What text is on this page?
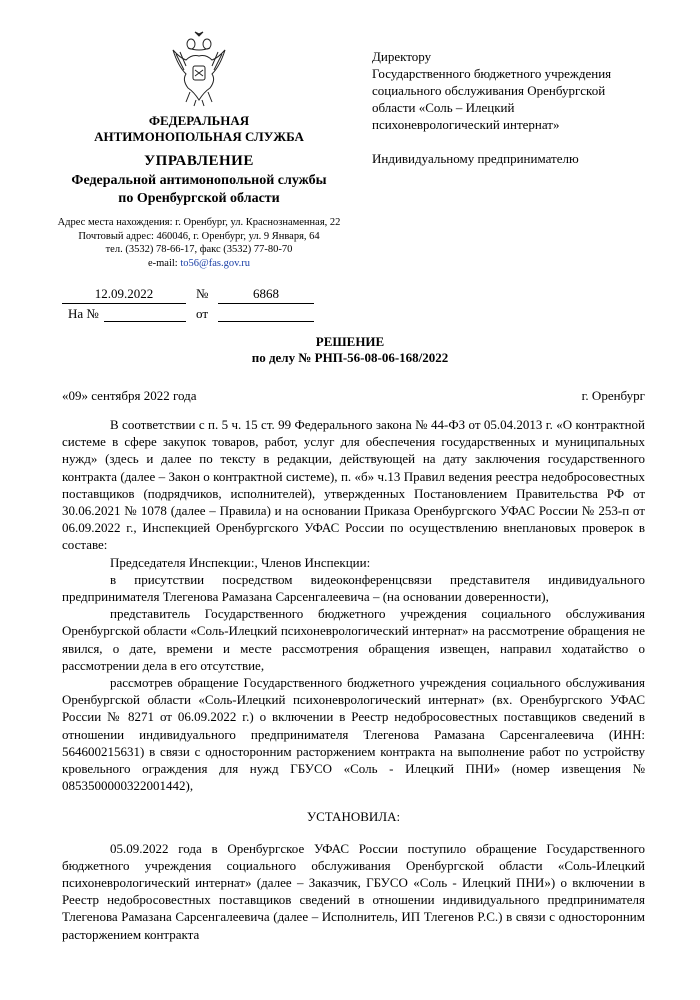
ФЕДЕРАЛЬНАЯ
АНТИМОНОПОЛЬНАЯ СЛУЖБА
УПРАВЛЕНИЕ
Федеральной антимонопольной службы
по Оренбургской области
Адрес места нахождения: г. Оренбург, ул. Краснознаменная, 22
Почтовый адрес: 460046, г. Оренбург, ул. 9 Января, 64
тел. (3532) 78-66-17, факс (3532) 77-80-70
e-mail: to56@fas.gov.ru
12.09.2022	№	6868
На №	от
Директору
Государственного бюджетного учреждения
социального обслуживания Оренбургской
области «Соль – Илецкий
психоневрологический интернат»
Индивидуальному предпринимателю
РЕШЕНИЕ
по делу № РНП-56-08-06-168/2022
«09» сентября 2022 года	г. Оренбург

В соответствии с п. 5 ч. 15 ст. 99 Федерального закона № 44-ФЗ от 05.04.2013 г. «О контрактной системе в сфере закупок товаров, работ, услуг для обеспечения государственных и муниципальных нужд» (здесь и далее по тексту в редакции, действующей на дату заключения государственного контракта (далее – Закон о контрактной системе), п. «б» ч.13 Правил ведения реестра недобросовестных поставщиков (подрядчиков, исполнителей), утвержденных Постановлением Правительства РФ от 30.06.2021 № 1078 (далее – Правила) и на основании Приказа Оренбургского УФАС России № 253-п от 06.09.2022 г., Инспекцией Оренбургского УФАС России по осуществлению внеплановых проверок в составе:

Председателя Инспекции:, Членов Инспекции:

в присутствии посредством видеоконференцсвязи представителя индивидуального предпринимателя Тлегенова Рамазана Сарсенгалеевича – (на основании доверенности),

представитель Государственного бюджетного учреждения социального обслуживания Оренбургской области «Соль-Илецкий психоневрологический интернат» на рассмотрение обращения не явился, о дате, времени и месте рассмотрения обращения извещен, направил ходатайство о рассмотрении дела в его отсутствие,

рассмотрев обращение Государственного бюджетного учреждения социального обслуживания Оренбургской области «Соль-Илецкий психоневрологический интернат» (вх. Оренбургского УФАС России № 8271 от 06.09.2022 г.) о включении в Реестр недобросовестных поставщиков сведений в отношении индивидуального предпринимателя Тлегенова Рамазана Сарсенгалеевича (ИНН: 564600215631) в связи с односторонним расторжением контракта на выполнение работ по устройству кровельного ограждения для нужд ГБУСО «Соль - Илецкий ПНИ» (номер извещения № 0853500000322001442),

УСТАНОВИЛА:

05.09.2022 года в Оренбургское УФАС России поступило обращение Государственного бюджетного учреждения социального обслуживания Оренбургской области «Соль-Илецкий психоневрологический интернат» (далее – Заказчик, ГБУСО «Соль - Илецкий ПНИ») о включении в Реестр недобросовестных поставщиков сведений в отношении индивидуального предпринимателя Тлегенова Рамазана Сарсенгалеевича (далее – Исполнитель, ИП Тлегенов Р.С.) в связи с односторонним расторжением контракта
